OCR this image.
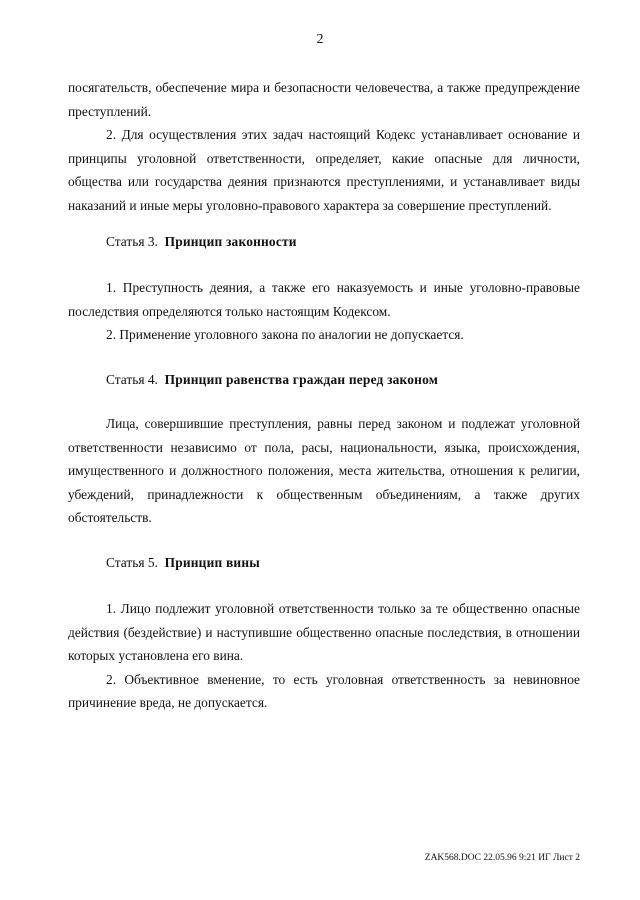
2

посягательств, обеспечение мира и безопасности человечества, а также предупреждение преступлений.

2. Для осуществления этих задач настоящий Кодекс устанавливает основание и принципы уголовной ответственности, определяет, какие опасные для личности, общества или государства деяния признаются преступлениями, и устанавливает виды наказаний и иные меры уголовно-правового характера за совершение преступлений.

Статья 3. Принцип законности

1. Преступность деяния, а также его наказуемость и иные уголовно-правовые последствия определяются только настоящим Кодексом.

2. Применение уголовного закона по аналогии не допускается.

Статья 4. Принцип равенства граждан перед законом

Лица, совершившие преступления, равны перед законом и подлежат уголовной ответственности независимо от пола, расы, национальности, языка, происхождения, имущественного и должностного положения, места жительства, отношения к религии, убеждений, принадлежности к общественным объединениям, а также других обстоятельств.

Статья 5. Принцип вины

1. Лицо подлежит уголовной ответственности только за те общественно опасные действия (бездействие) и наступившие общественно опасные последствия, в отношении которых установлена его вина.

2. Объективное вменение, то есть уголовная ответственность за невиновное причинение вреда, не допускается.

ZAK568.DOC 22.05.96 9:21 ИГ Лист 2
